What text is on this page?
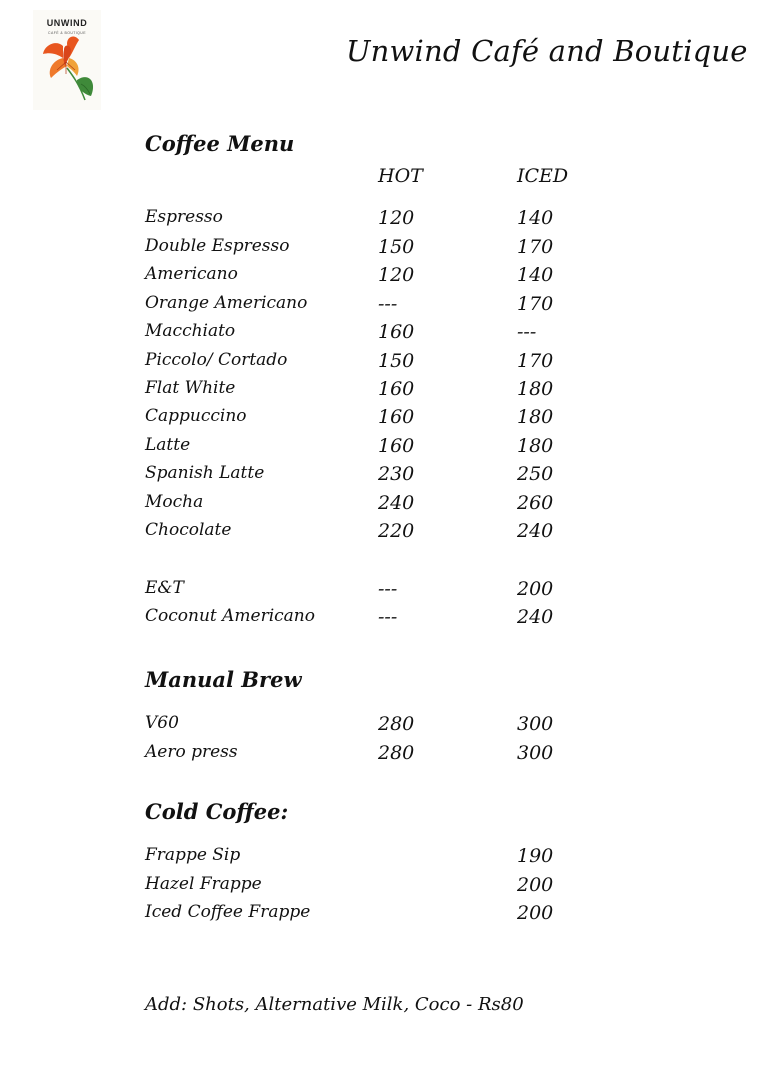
UNWIND
CAFÉ & BOUTIQUE
Unwind Café and Boutique
Coffee Menu
HOT	ICED
Espresso	120	140
Double Espresso	150	170
Americano	120	140
Orange Americano	---	170
Macchiato	160	---
Piccolo/ Cortado	150	170
Flat White	160	180
Cappuccino	160	180
Latte	160	180
Spanish Latte	230	250
Mocha	240	260
Chocolate	220	240
E&T	---	200
Coconut Americano	---	240
Manual Brew
V60	280	300
Aero press	280	300
Cold Coffee:
Frappe Sip	190
Hazel Frappe	200
Iced Coffee Frappe	200
Add: Shots, Alternative Milk, Coco - Rs80
